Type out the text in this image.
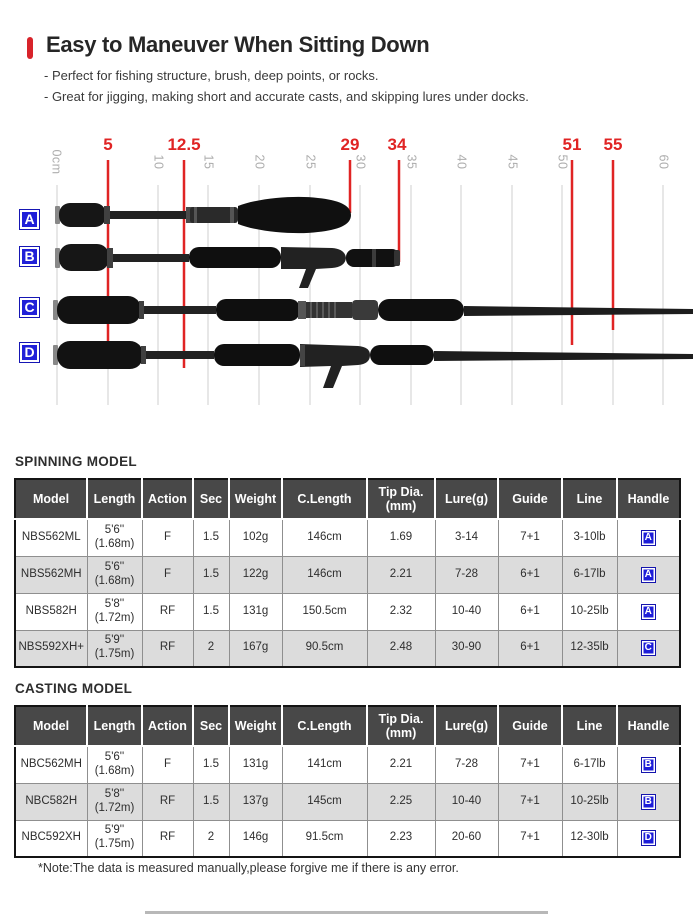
Easy to Maneuver When Sitting Down
- Perfect for fishing structure, brush, deep points, or rocks.
- Great for jigging, making short and accurate casts, and skipping lures under docks.
5	12.5	29	34	51	55
0cm	10	15	20	25	30	35	40	45	50	60
A
B
C
D
SPINNING MODEL
Model	Length	Action	Sec	Weight	C.Length	Tip Dia.
(mm)	Lure(g)	Guide	Line	Handle

NBS562ML	5'6''
(1.68m)	F	1.5	102g	146cm	1.69	3-14	7+1	3-10lb	A
NBS562MH	5'6''
(1.68m)	F	1.5	122g	146cm	2.21	7-28	6+1	6-17lb	A
NBS582H	5'8''
(1.72m)	RF	1.5	131g	150.5cm	2.32	10-40	6+1	10-25lb	A
NBS592XH+	5'9''
(1.75m)	RF	2	167g	90.5cm	2.48	30-90	6+1	12-35lb	C
CASTING MODEL
Model	Length	Action	Sec	Weight	C.Length	Tip Dia.
(mm)	Lure(g)	Guide	Line	Handle

NBC562MH	5'6''
(1.68m)	F	1.5	131g	141cm	2.21	7-28	7+1	6-17lb	B
NBC582H	5'8''
(1.72m)	RF	1.5	137g	145cm	2.25	10-40	7+1	10-25lb	B
NBC592XH	5'9''
(1.75m)	RF	2	146g	91.5cm	2.23	20-60	7+1	12-30lb	D
*Note:The data is measured manually,please forgive me if there is any error.
